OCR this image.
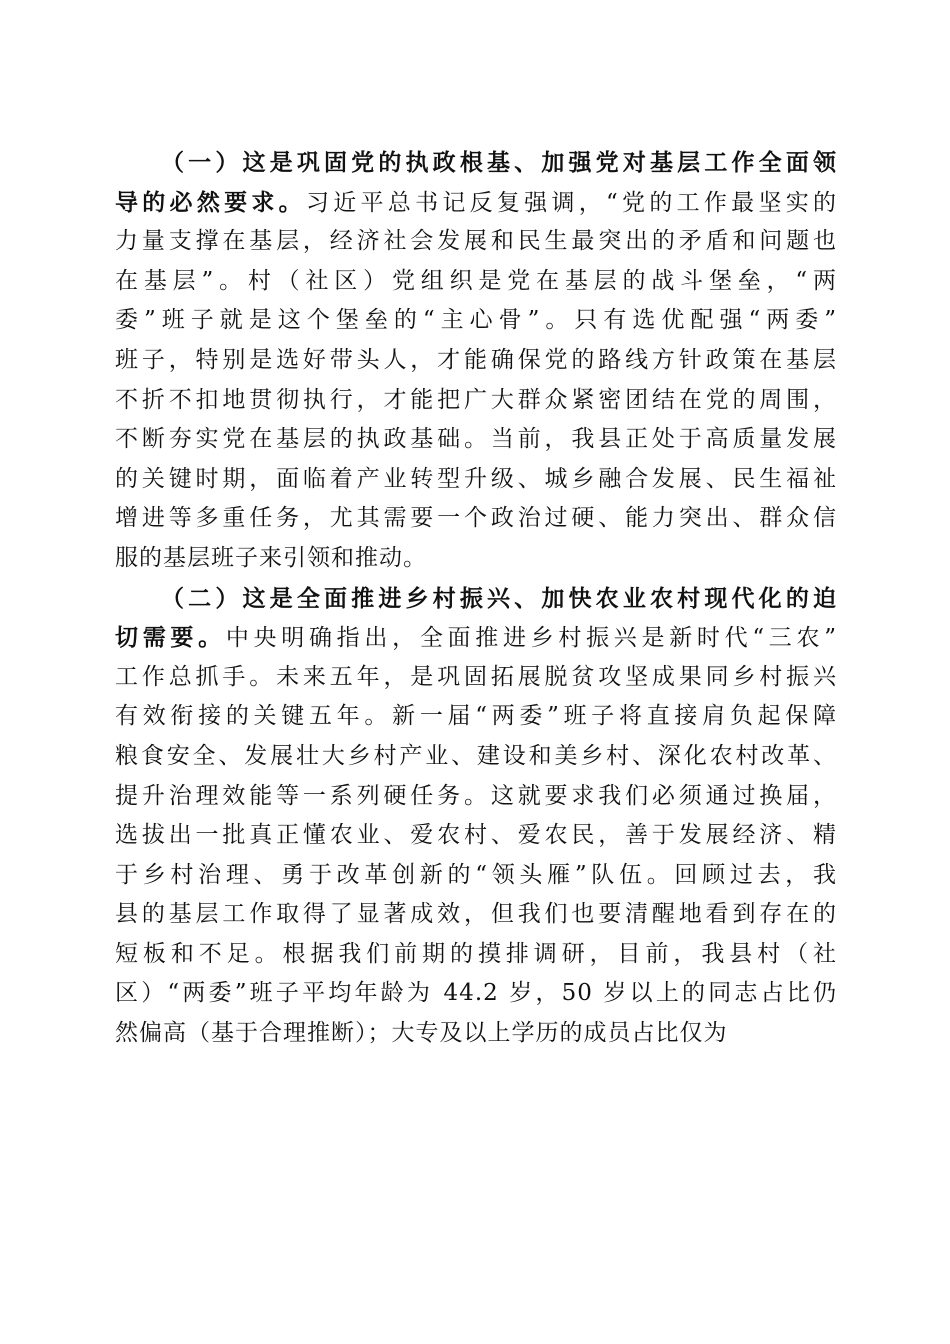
（一）这是巩固党的执政根基、加强党对基层工作全面领
导的必然要求。习近平总书记反复强调，“党的工作最坚实的
力量支撑在基层，经济社会发展和民生最突出的矛盾和问题也
在基层”。村（社区）党组织是党在基层的战斗堡垒，“两
委”班子就是这个堡垒的“主心骨”。只有选优配强“两委”
班子，特别是选好带头人，才能确保党的路线方针政策在基层
不折不扣地贯彻执行，才能把广大群众紧密团结在党的周围，
不断夯实党在基层的执政基础。当前，我县正处于高质量发展
的关键时期，面临着产业转型升级、城乡融合发展、民生福祉
增进等多重任务，尤其需要一个政治过硬、能力突出、群众信
服的基层班子来引领和推动。
（二）这是全面推进乡村振兴、加快农业农村现代化的迫
切需要。中央明确指出，全面推进乡村振兴是新时代“三农”
工作总抓手。未来五年，是巩固拓展脱贫攻坚成果同乡村振兴
有效衔接的关键五年。新一届“两委”班子将直接肩负起保障
粮食安全、发展壮大乡村产业、建设和美乡村、深化农村改革、
提升治理效能等一系列硬任务。这就要求我们必须通过换届，
选拔出一批真正懂农业、爱农村、爱农民，善于发展经济、精
于乡村治理、勇于改革创新的“领头雁”队伍。回顾过去，我
县的基层工作取得了显著成效，但我们也要清醒地看到存在的
短板和不足。根据我们前期的摸排调研，目前，我县村（社
区）“两委”班子平均年龄为 44.2 岁，50 岁以上的同志占比仍
然偏高（基于合理推断）；大专及以上学历的成员占比仅为
